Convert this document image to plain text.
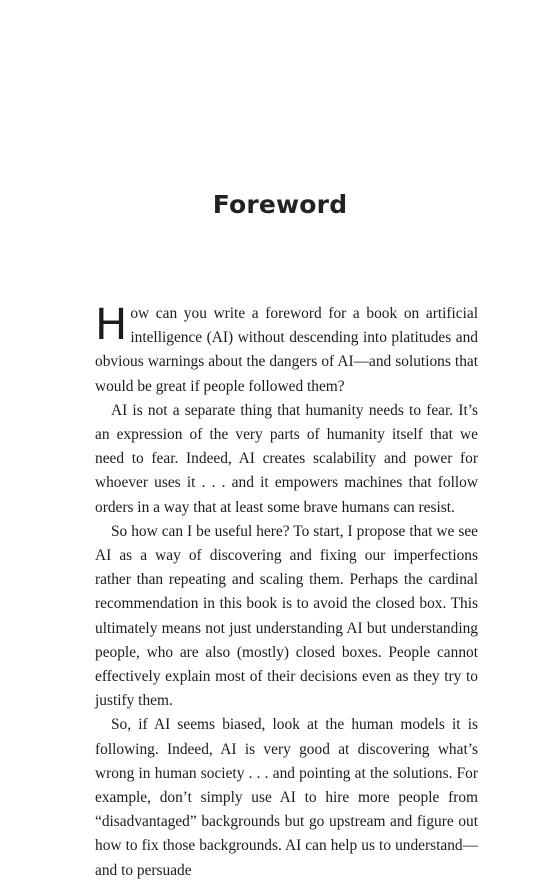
Foreword

How can you write a foreword for a book on artificial intelligence (AI) without descending into platitudes and obvious warnings about the dangers of AI—and solutions that would be great if people followed them?

AI is not a separate thing that humanity needs to fear. It’s an expression of the very parts of humanity itself that we need to fear. Indeed, AI creates scalability and power for whoever uses it . . . and it empowers machines that follow orders in a way that at least some brave humans can resist.

So how can I be useful here? To start, I propose that we see AI as a way of discovering and fixing our imperfections rather than repeating and scaling them. Perhaps the cardinal recommendation in this book is to avoid the closed box. This ultimately means not just understanding AI but understanding people, who are also (mostly) closed boxes. People cannot effectively explain most of their decisions even as they try to justify them.

So, if AI seems biased, look at the human models it is following. Indeed, AI is very good at discovering what’s wrong in human society . . . and pointing at the solutions. For example, don’t simply use AI to hire more people from “disadvantaged” backgrounds but go upstream and figure out how to fix those backgrounds. AI can help us to understand—and to persuade
